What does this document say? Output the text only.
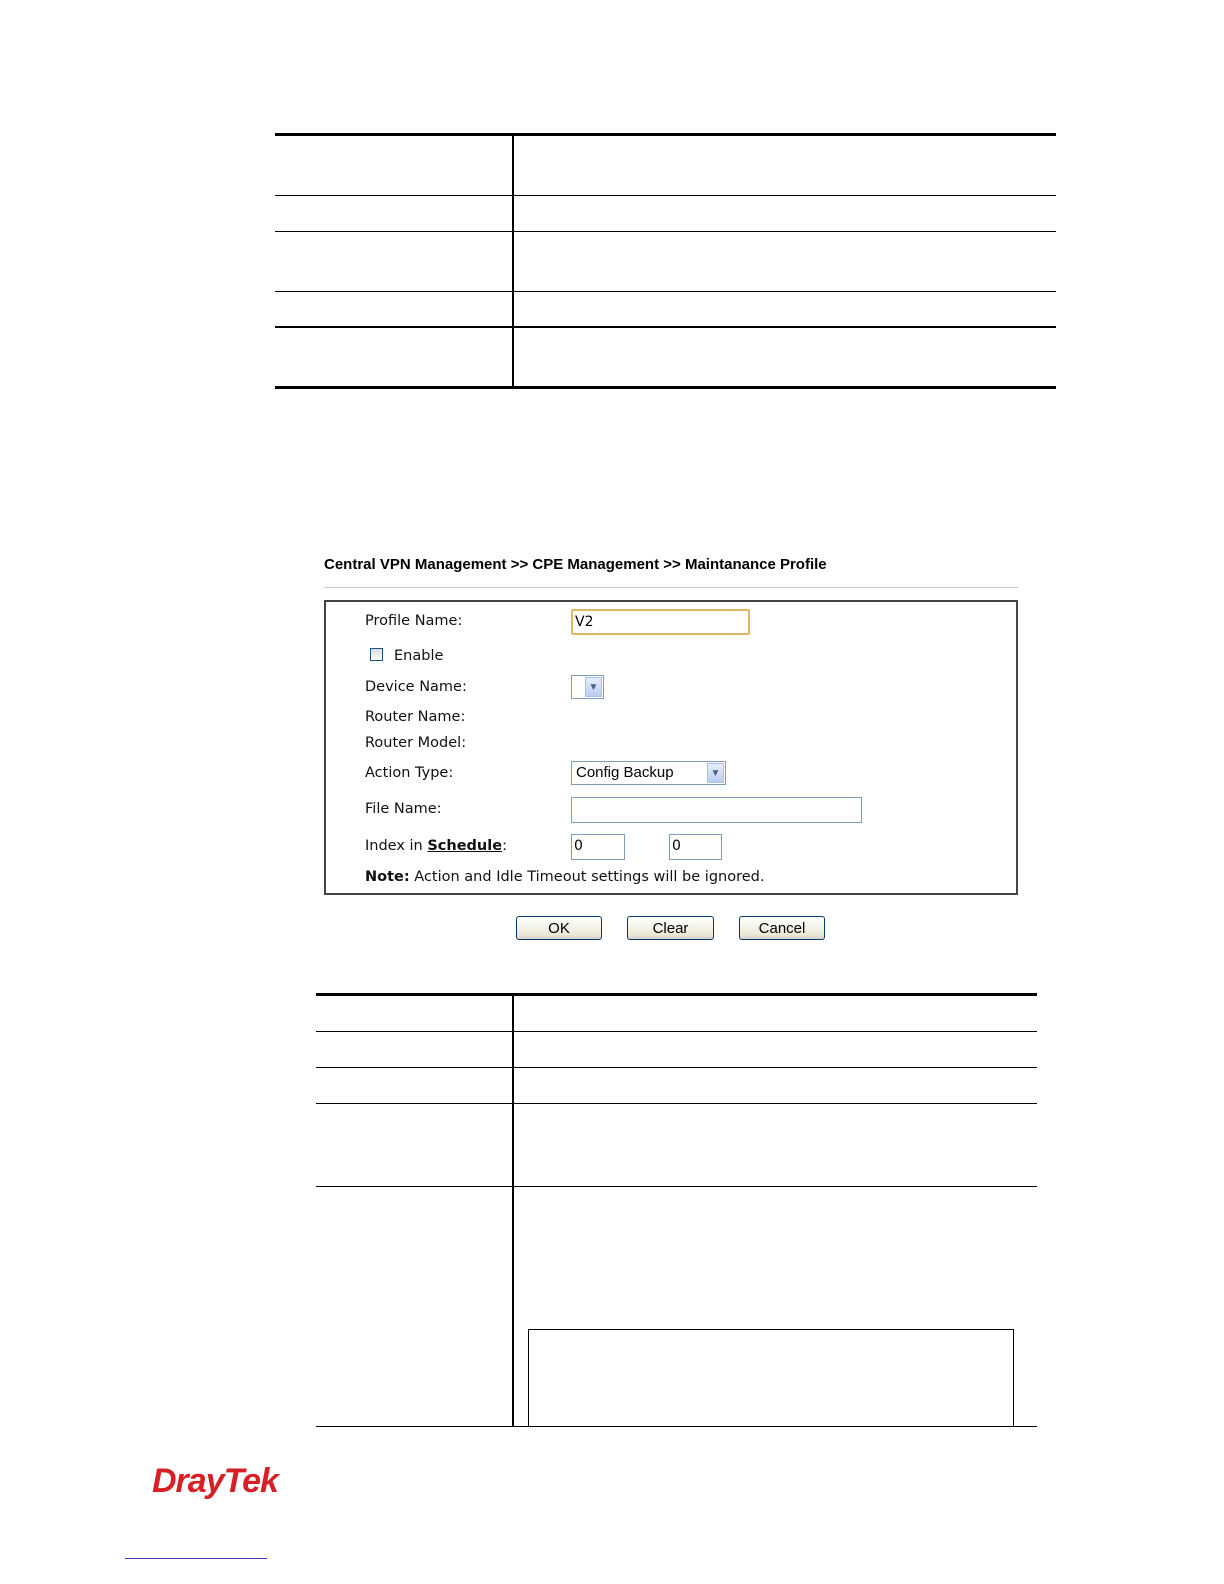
Central VPN Management >> CPE Management >> Maintanance Profile
Profile Name:	V2
Enable
Device Name:	▼
Router Name:
Router Model:
Action Type:	Config Backup	▼
File Name:
Index in Schedule:	0	0
Note: Action and Idle Timeout settings will be ignored.
OK	Clear	Cancel
DrayTek
